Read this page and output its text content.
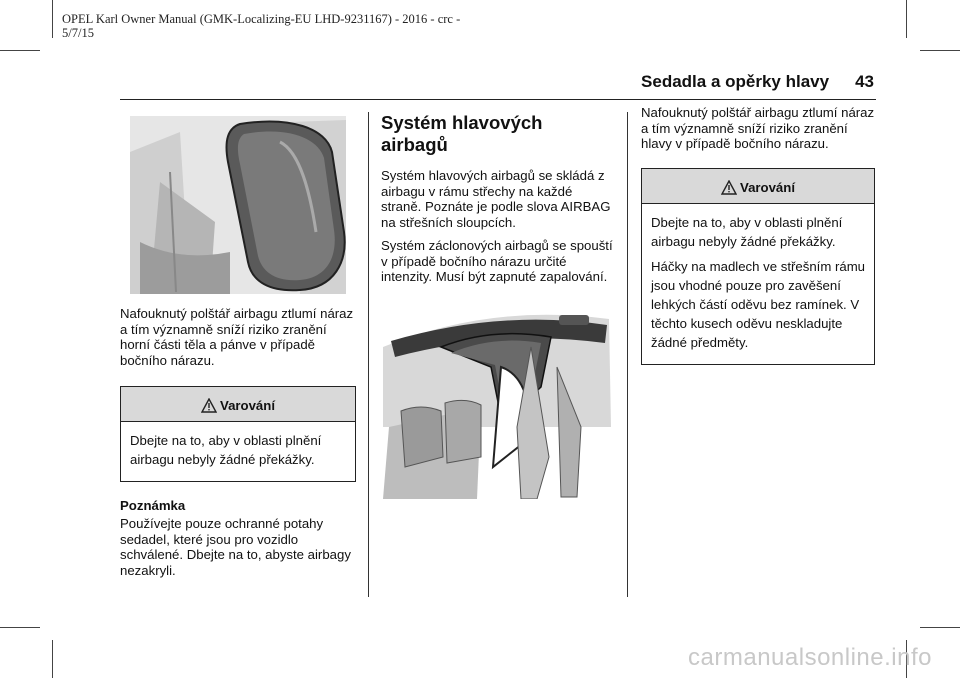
OPEL Karl Owner Manual (GMK-Localizing-EU LHD-9231167) - 2016 - crc -
5/7/15
Sedadla a opěrky hlavy 43

Nafouknutý polštář airbagu ztlumí náraz a tím významně sníží riziko zranění horní části těla a pánve v případě bočního nárazu.

Varování

Dbejte na to, aby v oblasti plnění airbagu nebyly žádné překážky.

Poznámka

Používejte pouze ochranné potahy sedadel, které jsou pro vozidlo schválené. Dbejte na to, abyste airbagy nezakryli.

Systém hlavových airbagů

Systém hlavových airbagů se skládá z airbagu v rámu střechy na každé straně. Poznáte je podle slova AIRBAG na střešních sloupcích.

Systém záclonových airbagů se spouští v případě bočního nárazu určité intenzity. Musí být zapnuté zapalování.

Nafouknutý polštář airbagu ztlumí náraz a tím významně sníží riziko zranění hlavy v případě bočního nárazu.

Varování

Dbejte na to, aby v oblasti plnění airbagu nebyly žádné překážky.

Háčky na madlech ve střešním rámu jsou vhodné pouze pro zavěšení lehkých částí oděvu bez ramínek. V těchto kusech oděvu neskladujte žádné předměty.

carmanualsonline.info
